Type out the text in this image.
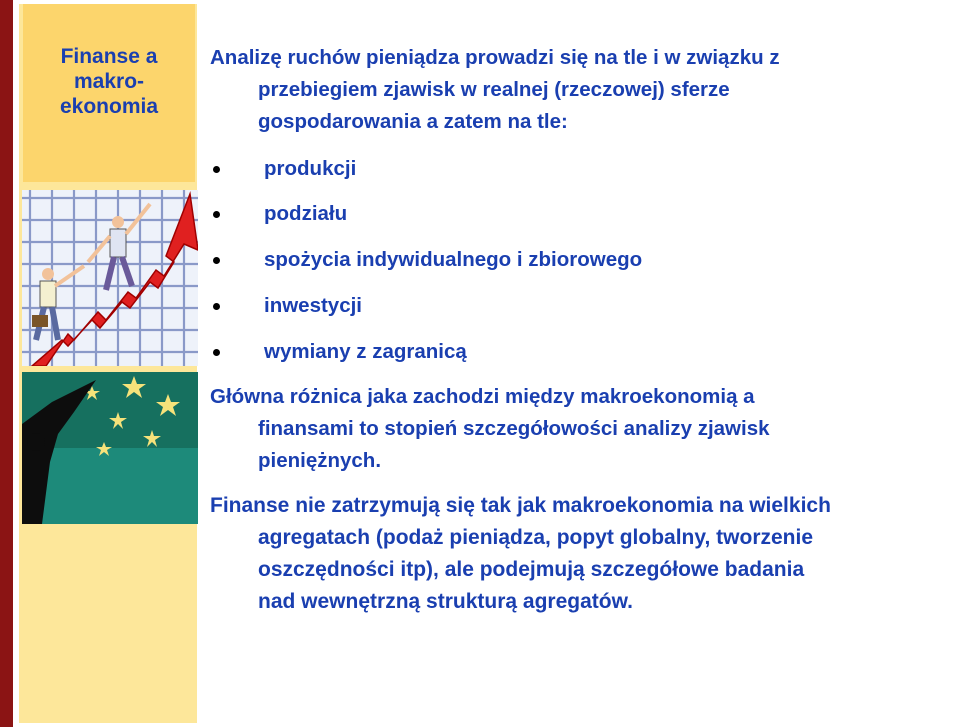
Finanse a
makro-
ekonomia
Analizę ruchów pieniądza prowadzi się na tle i w związku z
przebiegiem zjawisk w realnej (rzeczowej) sferze
gospodarowania a zatem na tle:
produkcji
podziału
spożycia indywidualnego i zbiorowego
inwestycji
wymiany z zagranicą
Główna różnica jaka zachodzi między makroekonomią a
finansami to stopień szczegółowości analizy zjawisk
pieniężnych.
Finanse nie zatrzymują się tak jak makroekonomia na wielkich
agregatach (podaż pieniądza, popyt globalny, tworzenie
oszczędności itp), ale podejmują szczegółowe badania
nad wewnętrzną strukturą agregatów.
